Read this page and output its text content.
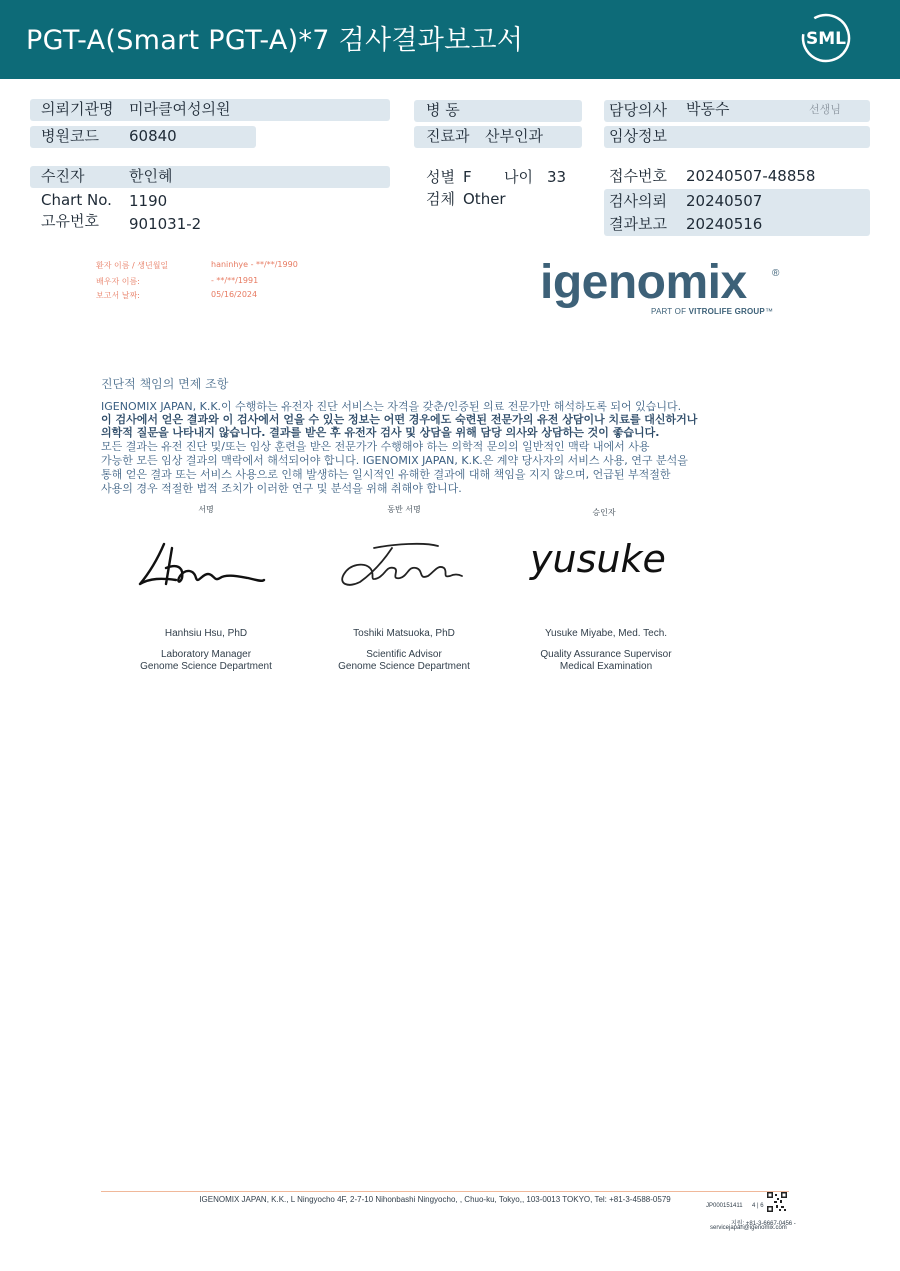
PGT-A(Smart PGT-A)*7 검사결과보고서	SML
의뢰기관명 미라클여성의원	병 동	담당의사 박동수	선생님
병원코드 60840	진료과 산부인과	임상정보
수진자	한인혜	성별 F 나이 33	접수번호 20240507-48858
Chart No. 1190
고유번호 901031-2
검체 Other	검사의뢰 20240507
결과보고 20240516
환자 이름 / 생년월일	haninhye - **/**/1990
배우자 이름:	- **/**/1991
보고서 날짜:	05/16/2024	igenomix	®
PART OF VITROLIFE GROUP™
진단적 책임의 면제 조항
IGENOMIX JAPAN, K.K.이 수행하는 유전자 진단 서비스는 자격을 갖춘/인증된 의료 전문가만 해석하도록 되어 있습니다.
이 검사에서 얻은 결과와 이 검사에서 얻을 수 있는 정보는 어떤 경우에도 숙련된 전문가의 유전 상담이나 치료를 대신하거나
의학적 질문을 나타내지 않습니다. 결과를 받은 후 유전자 검사 및 상담을 위해 담당 의사와 상담하는 것이 좋습니다.
모든 결과는 유전 진단 및/또는 임상 훈련을 받은 전문가가 수행해야 하는 의학적 문의의 일반적인 맥락 내에서 사용
가능한 모든 임상 결과의 맥락에서 해석되어야 합니다. IGENOMIX JAPAN, K.K.은 계약 당사자의 서비스 사용, 연구 분석을
통해 얻은 결과 또는 서비스 사용으로 인해 발생하는 일시적인 유해한 결과에 대해 책임을 지지 않으며, 언급된 부적절한
사용의 경우 적절한 법적 조치가 이러한 연구 및 분석을 위해 취해야 합니다.
서명	동반 서명	승인자
yusuke
Hanhsiu Hsu, PhD
Laboratory Manager
Genome Science Department
Toshiki Matsuoka, PhD
Scientific Advisor
Genome Science Department
Yusuke Miyabe, Med. Tech.
Quality Assurance Supervisor
Medical Examination
IGENOMIX JAPAN, K.K., L Ningyocho 4F, 2-7-10 Nihonbashi Ningyocho, , Chuo-ku, Tokyo,, 103-0013 TOKYO, Tel: +81-3-4588-0579
JP000151411 4 | 6
지원: +81-3-6667-0456 -
servicejapan@igenomix.com
